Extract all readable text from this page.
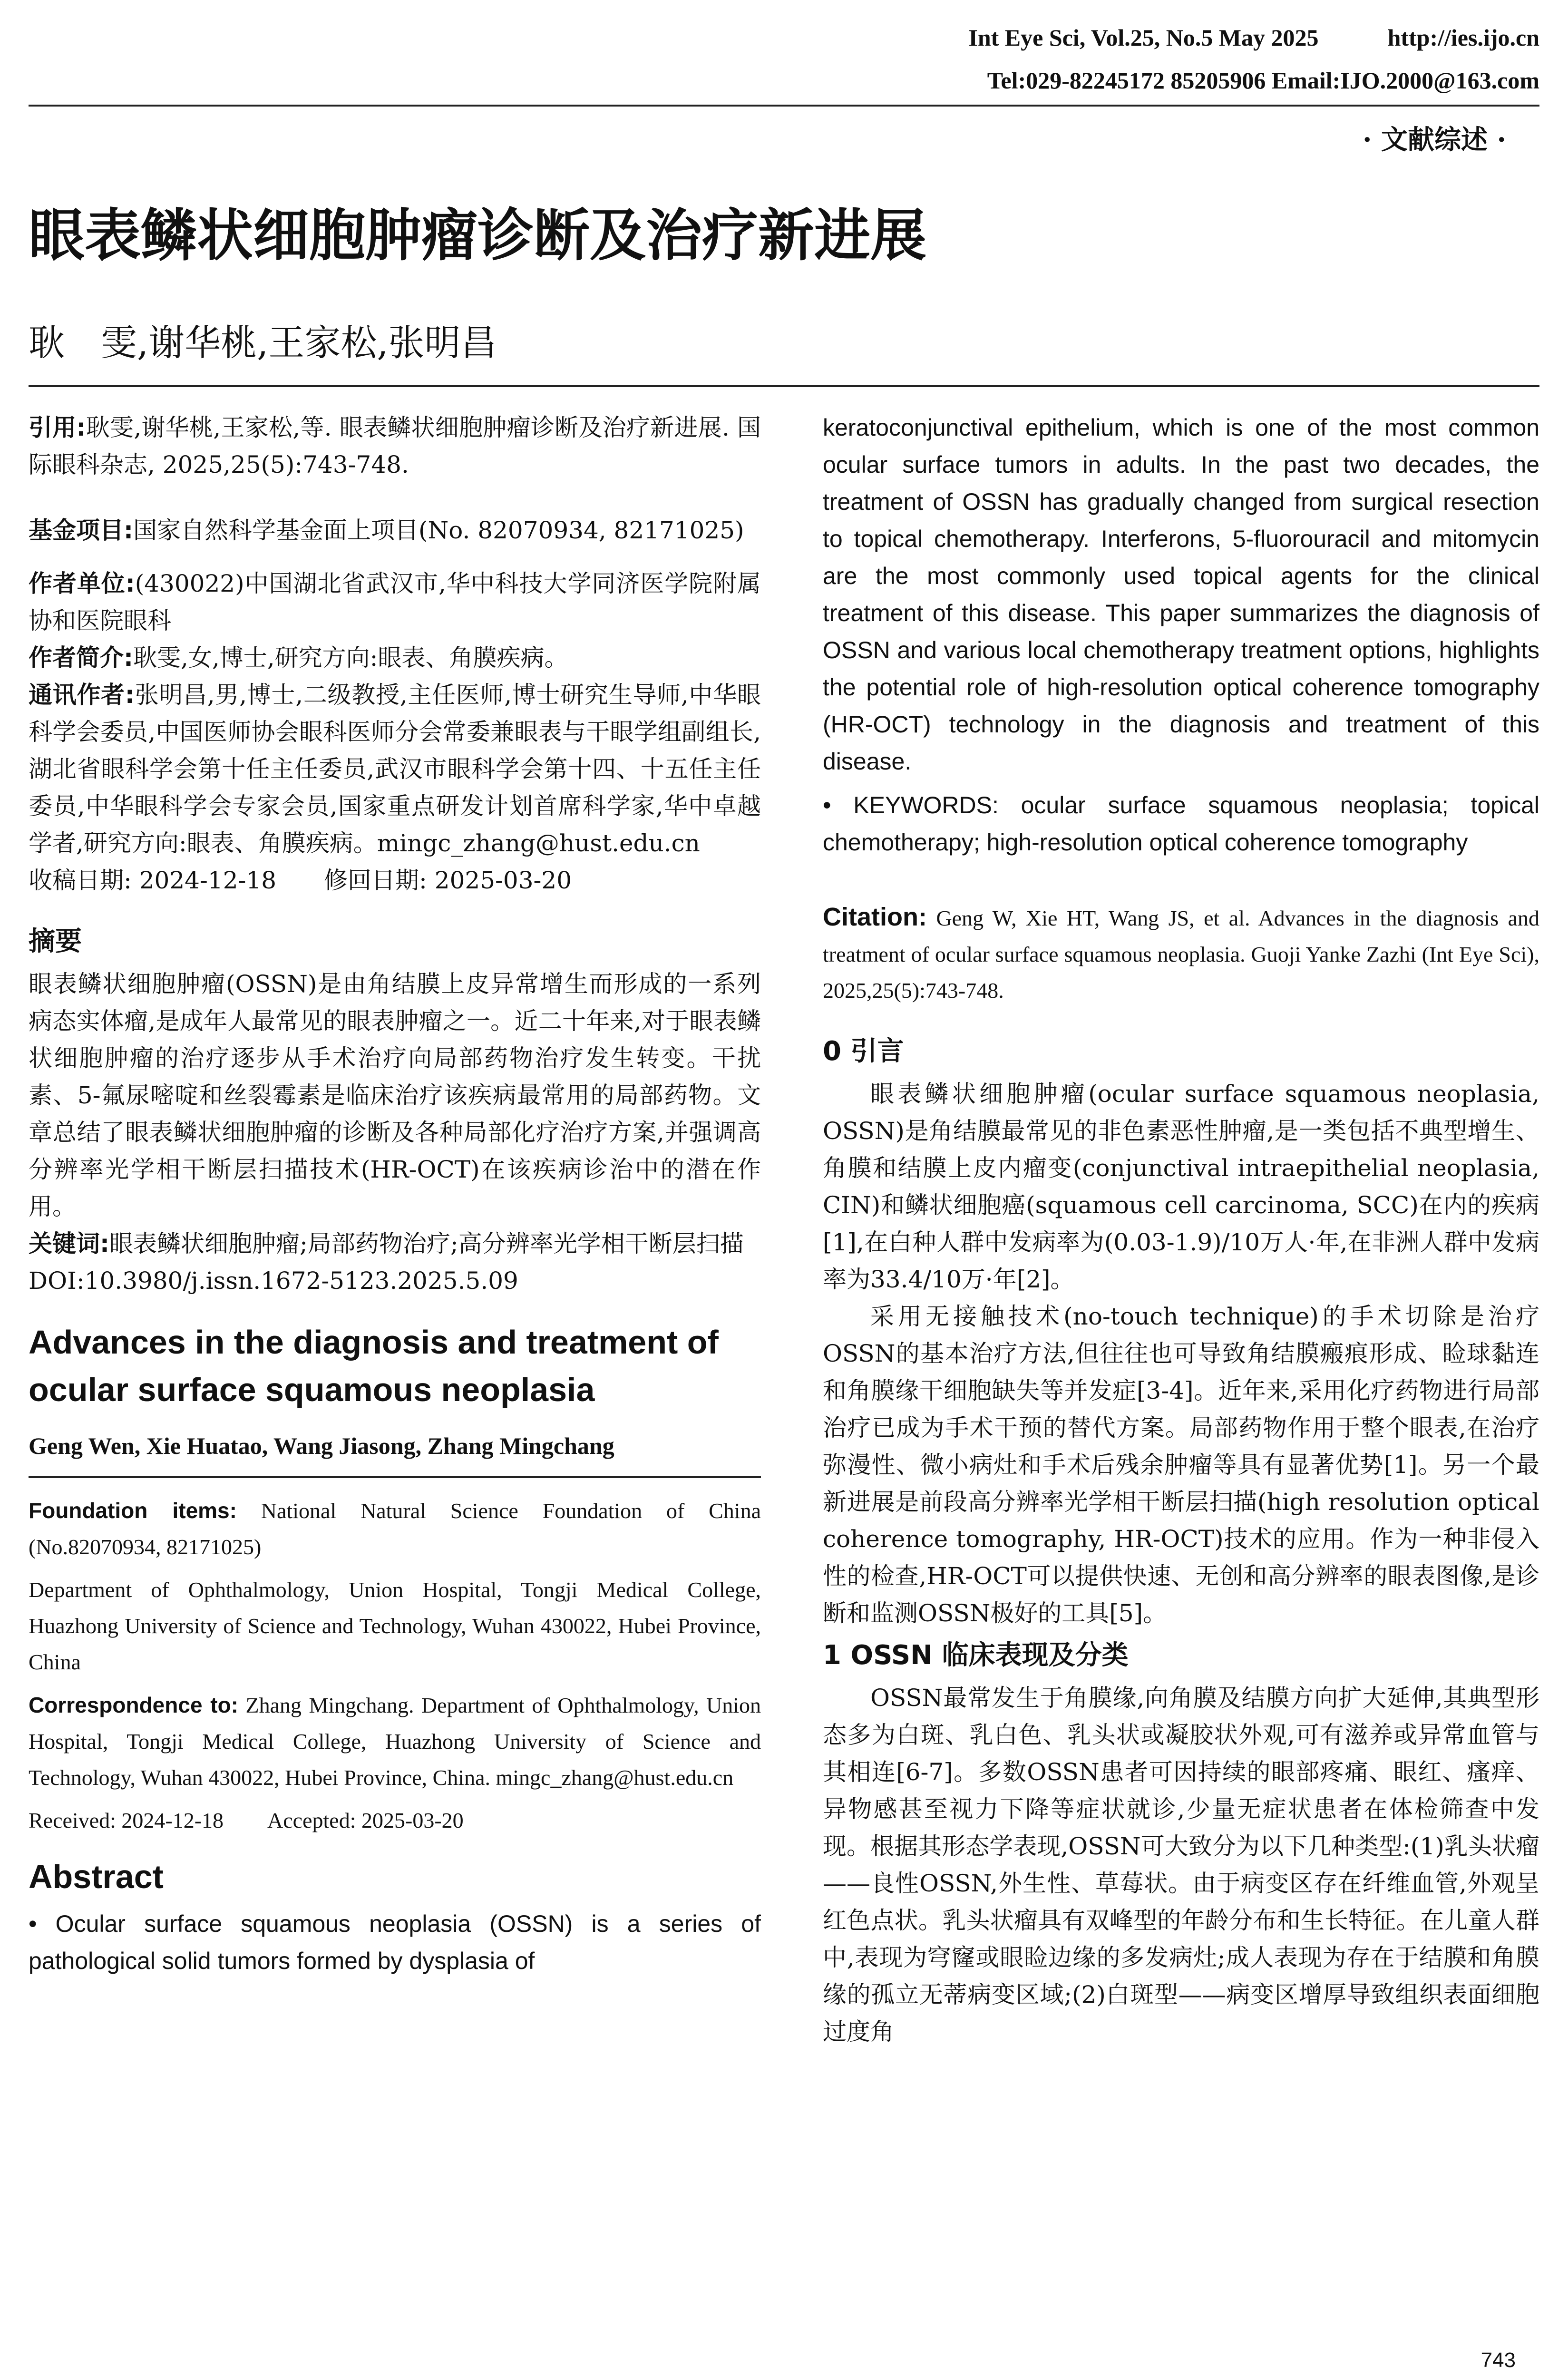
Int Eye Sci, Vol.25, No.5 May 2025	http://ies.ijo.cn
Tel:029-82245172 85205906 Email:IJO.2000@163.com
· 文献综述 ·
眼表鳞状细胞肿瘤诊断及治疗新进展
耿　雯,谢华桃,王家松,张明昌

引用:耿雯,谢华桃,王家松,等. 眼表鳞状细胞肿瘤诊断及治疗新进展. 国际眼科杂志, 2025,25(5):743-748.

基金项目:国家自然科学基金面上项目(No. 82070934, 82171025)

作者单位:(430022)中国湖北省武汉市,华中科技大学同济医学院附属协和医院眼科

作者简介:耿雯,女,博士,研究方向:眼表、角膜疾病。

通讯作者:张明昌,男,博士,二级教授,主任医师,博士研究生导师,中华眼科学会委员,中国医师协会眼科医师分会常委兼眼表与干眼学组副组长,湖北省眼科学会第十任主任委员,武汉市眼科学会第十四、十五任主任委员,中华眼科学会专家会员,国家重点研发计划首席科学家,华中卓越学者,研究方向:眼表、角膜疾病。mingc_zhang@hust.edu.cn

收稿日期: 2024-12-18　　修回日期: 2025-03-20

摘要

眼表鳞状细胞肿瘤(OSSN)是由角结膜上皮异常增生而形成的一系列病态实体瘤,是成年人最常见的眼表肿瘤之一。近二十年来,对于眼表鳞状细胞肿瘤的治疗逐步从手术治疗向局部药物治疗发生转变。干扰素、5-氟尿嘧啶和丝裂霉素是临床治疗该疾病最常用的局部药物。文章总结了眼表鳞状细胞肿瘤的诊断及各种局部化疗治疗方案,并强调高分辨率光学相干断层扫描技术(HR-OCT)在该疾病诊治中的潜在作用。

关键词:眼表鳞状细胞肿瘤;局部药物治疗;高分辨率光学相干断层扫描

DOI:10.3980/j.issn.1672-5123.2025.5.09

Advances in the diagnosis and treatment of ocular surface squamous neoplasia

Geng Wen, Xie Huatao, Wang Jiasong, Zhang Mingchang

Foundation items: National Natural Science Foundation of China (No.82070934, 82171025)

Department of Ophthalmology, Union Hospital, Tongji Medical College, Huazhong University of Science and Technology, Wuhan 430022, Hubei Province, China

Correspondence to: Zhang Mingchang. Department of Ophthalmology, Union Hospital, Tongji Medical College, Huazhong University of Science and Technology, Wuhan 430022, Hubei Province, China. mingc_zhang@hust.edu.cn

Received: 2024-12-18　　Accepted: 2025-03-20

Abstract

• Ocular surface squamous neoplasia (OSSN) is a series of pathological solid tumors formed by dysplasia of

keratoconjunctival epithelium, which is one of the most common ocular surface tumors in adults. In the past two decades, the treatment of OSSN has gradually changed from surgical resection to topical chemotherapy. Interferons, 5-fluorouracil and mitomycin are the most commonly used topical agents for the clinical treatment of this disease. This paper summarizes the diagnosis of OSSN and various local chemotherapy treatment options, highlights the potential role of high-resolution optical coherence tomography (HR-OCT) technology in the diagnosis and treatment of this disease.

• KEYWORDS: ocular surface squamous neoplasia; topical chemotherapy; high-resolution optical coherence tomography

Citation: Geng W, Xie HT, Wang JS, et al. Advances in the diagnosis and treatment of ocular surface squamous neoplasia. Guoji Yanke Zazhi (Int Eye Sci), 2025,25(5):743-748.

0 引言

眼表鳞状细胞肿瘤(ocular surface squamous neoplasia, OSSN)是角结膜最常见的非色素恶性肿瘤,是一类包括不典型增生、角膜和结膜上皮内瘤变(conjunctival intraepithelial neoplasia, CIN)和鳞状细胞癌(squamous cell carcinoma, SCC)在内的疾病[1],在白种人群中发病率为(0.03-1.9)/10万人·年,在非洲人群中发病率为33.4/10万·年[2]。

采用无接触技术(no-touch technique)的手术切除是治疗OSSN的基本治疗方法,但往往也可导致角结膜瘢痕形成、睑球黏连和角膜缘干细胞缺失等并发症[3-4]。近年来,采用化疗药物进行局部治疗已成为手术干预的替代方案。局部药物作用于整个眼表,在治疗弥漫性、微小病灶和手术后残余肿瘤等具有显著优势[1]。另一个最新进展是前段高分辨率光学相干断层扫描(high resolution optical coherence tomography, HR-OCT)技术的应用。作为一种非侵入性的检查,HR-OCT可以提供快速、无创和高分辨率的眼表图像,是诊断和监测OSSN极好的工具[5]。

1 OSSN 临床表现及分类

OSSN最常发生于角膜缘,向角膜及结膜方向扩大延伸,其典型形态多为白斑、乳白色、乳头状或凝胶状外观,可有滋养或异常血管与其相连[6-7]。多数OSSN患者可因持续的眼部疼痛、眼红、瘙痒、异物感甚至视力下降等症状就诊,少量无症状患者在体检筛查中发现。根据其形态学表现,OSSN可大致分为以下几种类型:(1)乳头状瘤——良性OSSN,外生性、草莓状。由于病变区存在纤维血管,外观呈红色点状。乳头状瘤具有双峰型的年龄分布和生长特征。在儿童人群中,表现为穹窿或眼睑边缘的多发病灶;成人表现为存在于结膜和角膜缘的孤立无蒂病变区域;(2)白斑型——病变区增厚导致组织表面细胞过度角

743
